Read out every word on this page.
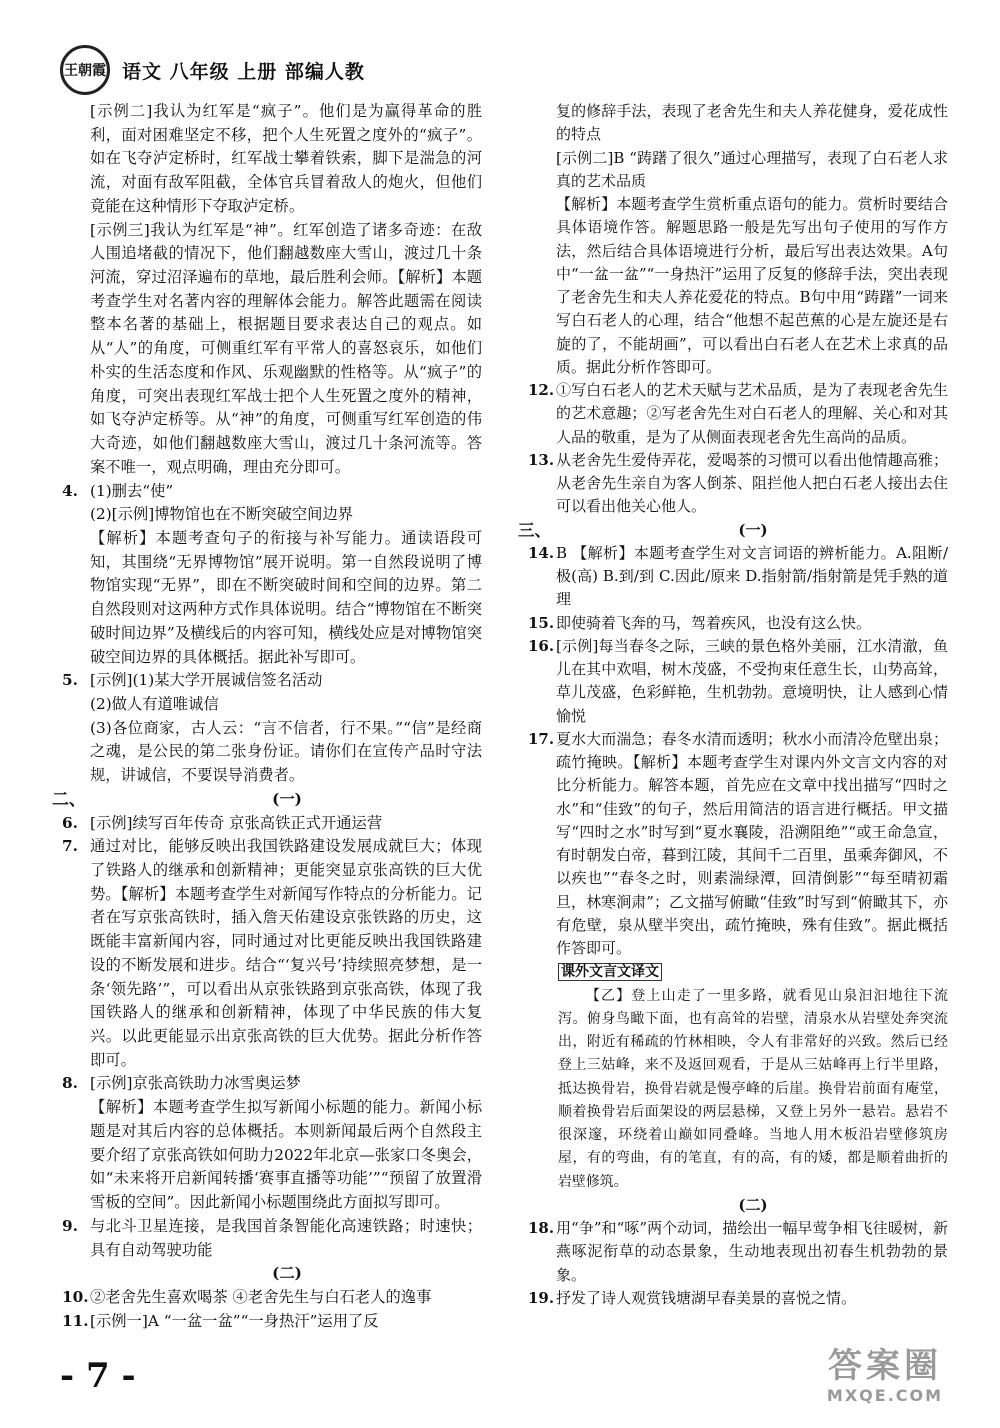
王朝霞 语文 八年级 上册 部编人教
[示例二]我认为红军是“疯子”。他们是为赢得革命的胜利，面对困难坚定不移，把个人生死置之度外的“疯子”。如在飞夺泸定桥时，红军战士攀着铁索，脚下是湍急的河流，对面有敌军阻截，全体官兵冒着敌人的炮火，但他们竟能在这种情形下夺取泸定桥。
[示例三]我认为红军是“神”。红军创造了诸多奇迹：在敌人围追堵截的情况下，他们翻越数座大雪山，渡过几十条河流，穿过沼泽遍布的草地，最后胜利会师。【解析】本题考查学生对名著内容的理解体会能力。解答此题需在阅读整本名著的基础上，根据题目要求表达自己的观点。如从“人”的角度，可侧重红军有平常人的喜怒哀乐，如他们朴实的生活态度和作风、乐观幽默的性格等。从“疯子”的角度，可突出表现红军战士把个人生死置之度外的精神，如飞夺泸定桥等。从“神”的角度，可侧重写红军创造的伟大奇迹，如他们翻越数座大雪山，渡过几十条河流等。答案不唯一，观点明确，理由充分即可。
4. (1)删去“使”
(2)[示例]博物馆也在不断突破空间边界
【解析】本题考查句子的衔接与补写能力。通读语段可知，其围绕“无界博物馆”展开说明。第一自然段说明了博物馆实现“无界”，即在不断突破时间和空间的边界。第二自然段则对这两种方式作具体说明。结合“博物馆在不断突破时间边界”及横线后的内容可知，横线处应是对博物馆突破空间边界的具体概括。据此补写即可。
5. [示例](1)某大学开展诚信签名活动
(2)做人有道唯诚信
(3)各位商家，古人云：“言不信者，行不果。”“信”是经商之魂，是公民的第二张身份证。请你们在宣传产品时守法规，讲诚信，不要误导消费者。
(一)
二、
6. [示例]续写百年传奇 京张高铁正式开通运营
7. 通过对比，能够反映出我国铁路建设发展成就巨大；体现了铁路人的继承和创新精神；更能突显京张高铁的巨大优势。【解析】本题考查学生对新闻写作特点的分析能力。记者在写京张高铁时，插入詹天佑建设京张铁路的历史，这既能丰富新闻内容，同时通过对比更能反映出我国铁路建设的不断发展和进步。结合“‘复兴号’持续照亮梦想，是一条‘领先路’”，可以看出从京张铁路到京张高铁，体现了我国铁路人的继承和创新精神，体现了中华民族的伟大复兴。以此更能显示出京张高铁的巨大优势。据此分析作答即可。
8. [示例]京张高铁助力冰雪奥运梦
【解析】本题考查学生拟写新闻小标题的能力。新闻小标题是对其后内容的总体概括。本则新闻最后两个自然段主要介绍了京张高铁如何助力2022年北京—张家口冬奥会，如“未来将开启新闻转播‘赛事直播等功能’”“预留了放置滑雪板的空间”。因此新闻小标题围绕此方面拟写即可。
9. 与北斗卫星连接，是我国首条智能化高速铁路；时速快；具有自动驾驶功能
(二)
10. ②老舍先生喜欢喝茶 ④老舍先生与白石老人的逸事
11. [示例一]A “一盆一盆”“一身热汗”运用了反
复的修辞手法，表现了老舍先生和夫人养花健身，爱花成性的特点
[示例二]B “踌躇了很久”通过心理描写，表现了白石老人求真的艺术品质
【解析】本题考查学生赏析重点语句的能力。赏析时要结合具体语境作答。解题思路一般是先写出句子使用的写作方法，然后结合具体语境进行分析，最后写出表达效果。A句中“一盆一盆”“一身热汗”运用了反复的修辞手法，突出表现了老舍先生和夫人养花爱花的特点。B句中用“踌躇”一词来写白石老人的心理，结合“他想不起芭蕉的心是左旋还是右旋的了，不能胡画”，可以看出白石老人在艺术上求真的品质。据此分析作答即可。
12. ①写白石老人的艺术天赋与艺术品质，是为了表现老舍先生的艺术意趣；②写老舍先生对白石老人的理解、关心和对其人品的敬重，是为了从侧面表现老舍先生高尚的品质。
13. 从老舍先生爱侍弄花，爱喝茶的习惯可以看出他情趣高雅；从老舍先生亲自为客人倒茶、阻拦他人把白石老人接出去住可以看出他关心他人。
(一)
三、
14. B 【解析】本题考查学生对文言词语的辨析能力。A.阻断/极(高) B.到/到 C.因此/原来 D.指射箭/指射箭是凭手熟的道理
15. 即使骑着飞奔的马，驾着疾风，也没有这么快。
16. [示例]每当春冬之际，三峡的景色格外美丽，江水清澈，鱼儿在其中欢唱，树木茂盛，不受拘束任意生长，山势高耸，草儿茂盛，色彩鲜艳，生机勃勃。意境明快，让人感到心情愉悦
17. 夏水大而湍急；春冬水清而透明；秋水小而清冷危壁出泉；疏竹掩映。【解析】本题考查学生对课内外文言文内容的对比分析能力。解答本题，首先应在文章中找出描写“四时之水”和“佳致”的句子，然后用简洁的语言进行概括。甲文描写“四时之水”时写到“夏水襄陵，沿溯阻绝”“或王命急宣，有时朝发白帝，暮到江陵，其间千二百里，虽乘奔御风，不以疾也”“春冬之时，则素湍绿潭，回清倒影”“每至晴初霜旦，林寒涧肃”；乙文描写俯瞰“佳致”时写到“俯瞰其下，亦有危壁，泉从壁半突出，疏竹掩映，殊有佳致”。据此概括作答即可。
课外文言文译文
【乙】登上山走了一里多路，就看见山泉汩汩地往下流泻。俯身鸟瞰下面，也有高耸的岩壁，清泉水从岩壁处奔突流出，附近有稀疏的竹林相映，令人有非常好的兴致。然后已经登上三姑峰，来不及返回观看，于是从三姑峰再上行半里路，抵达换骨岩，换骨岩就是慢亭峰的后崖。换骨岩前面有庵堂，顺着换骨岩后面架设的两层悬梯，又登上另外一悬岩。悬岩不很深邃，环绕着山巅如同叠峰。当地人用木板沿岩壁修筑房屋，有的弯曲，有的笔直，有的高，有的矮，都是顺着曲折的岩壁修筑。
(二)
18. 用“争”和“啄”两个动词，描绘出一幅早莺争相飞往暖树，新燕啄泥衔草的动态景象，生动地表现出初春生机勃勃的景象。
19. 抒发了诗人观赏钱塘湖早春美景的喜悦之情。
- 7 -	答案圈
MXQE.COM
